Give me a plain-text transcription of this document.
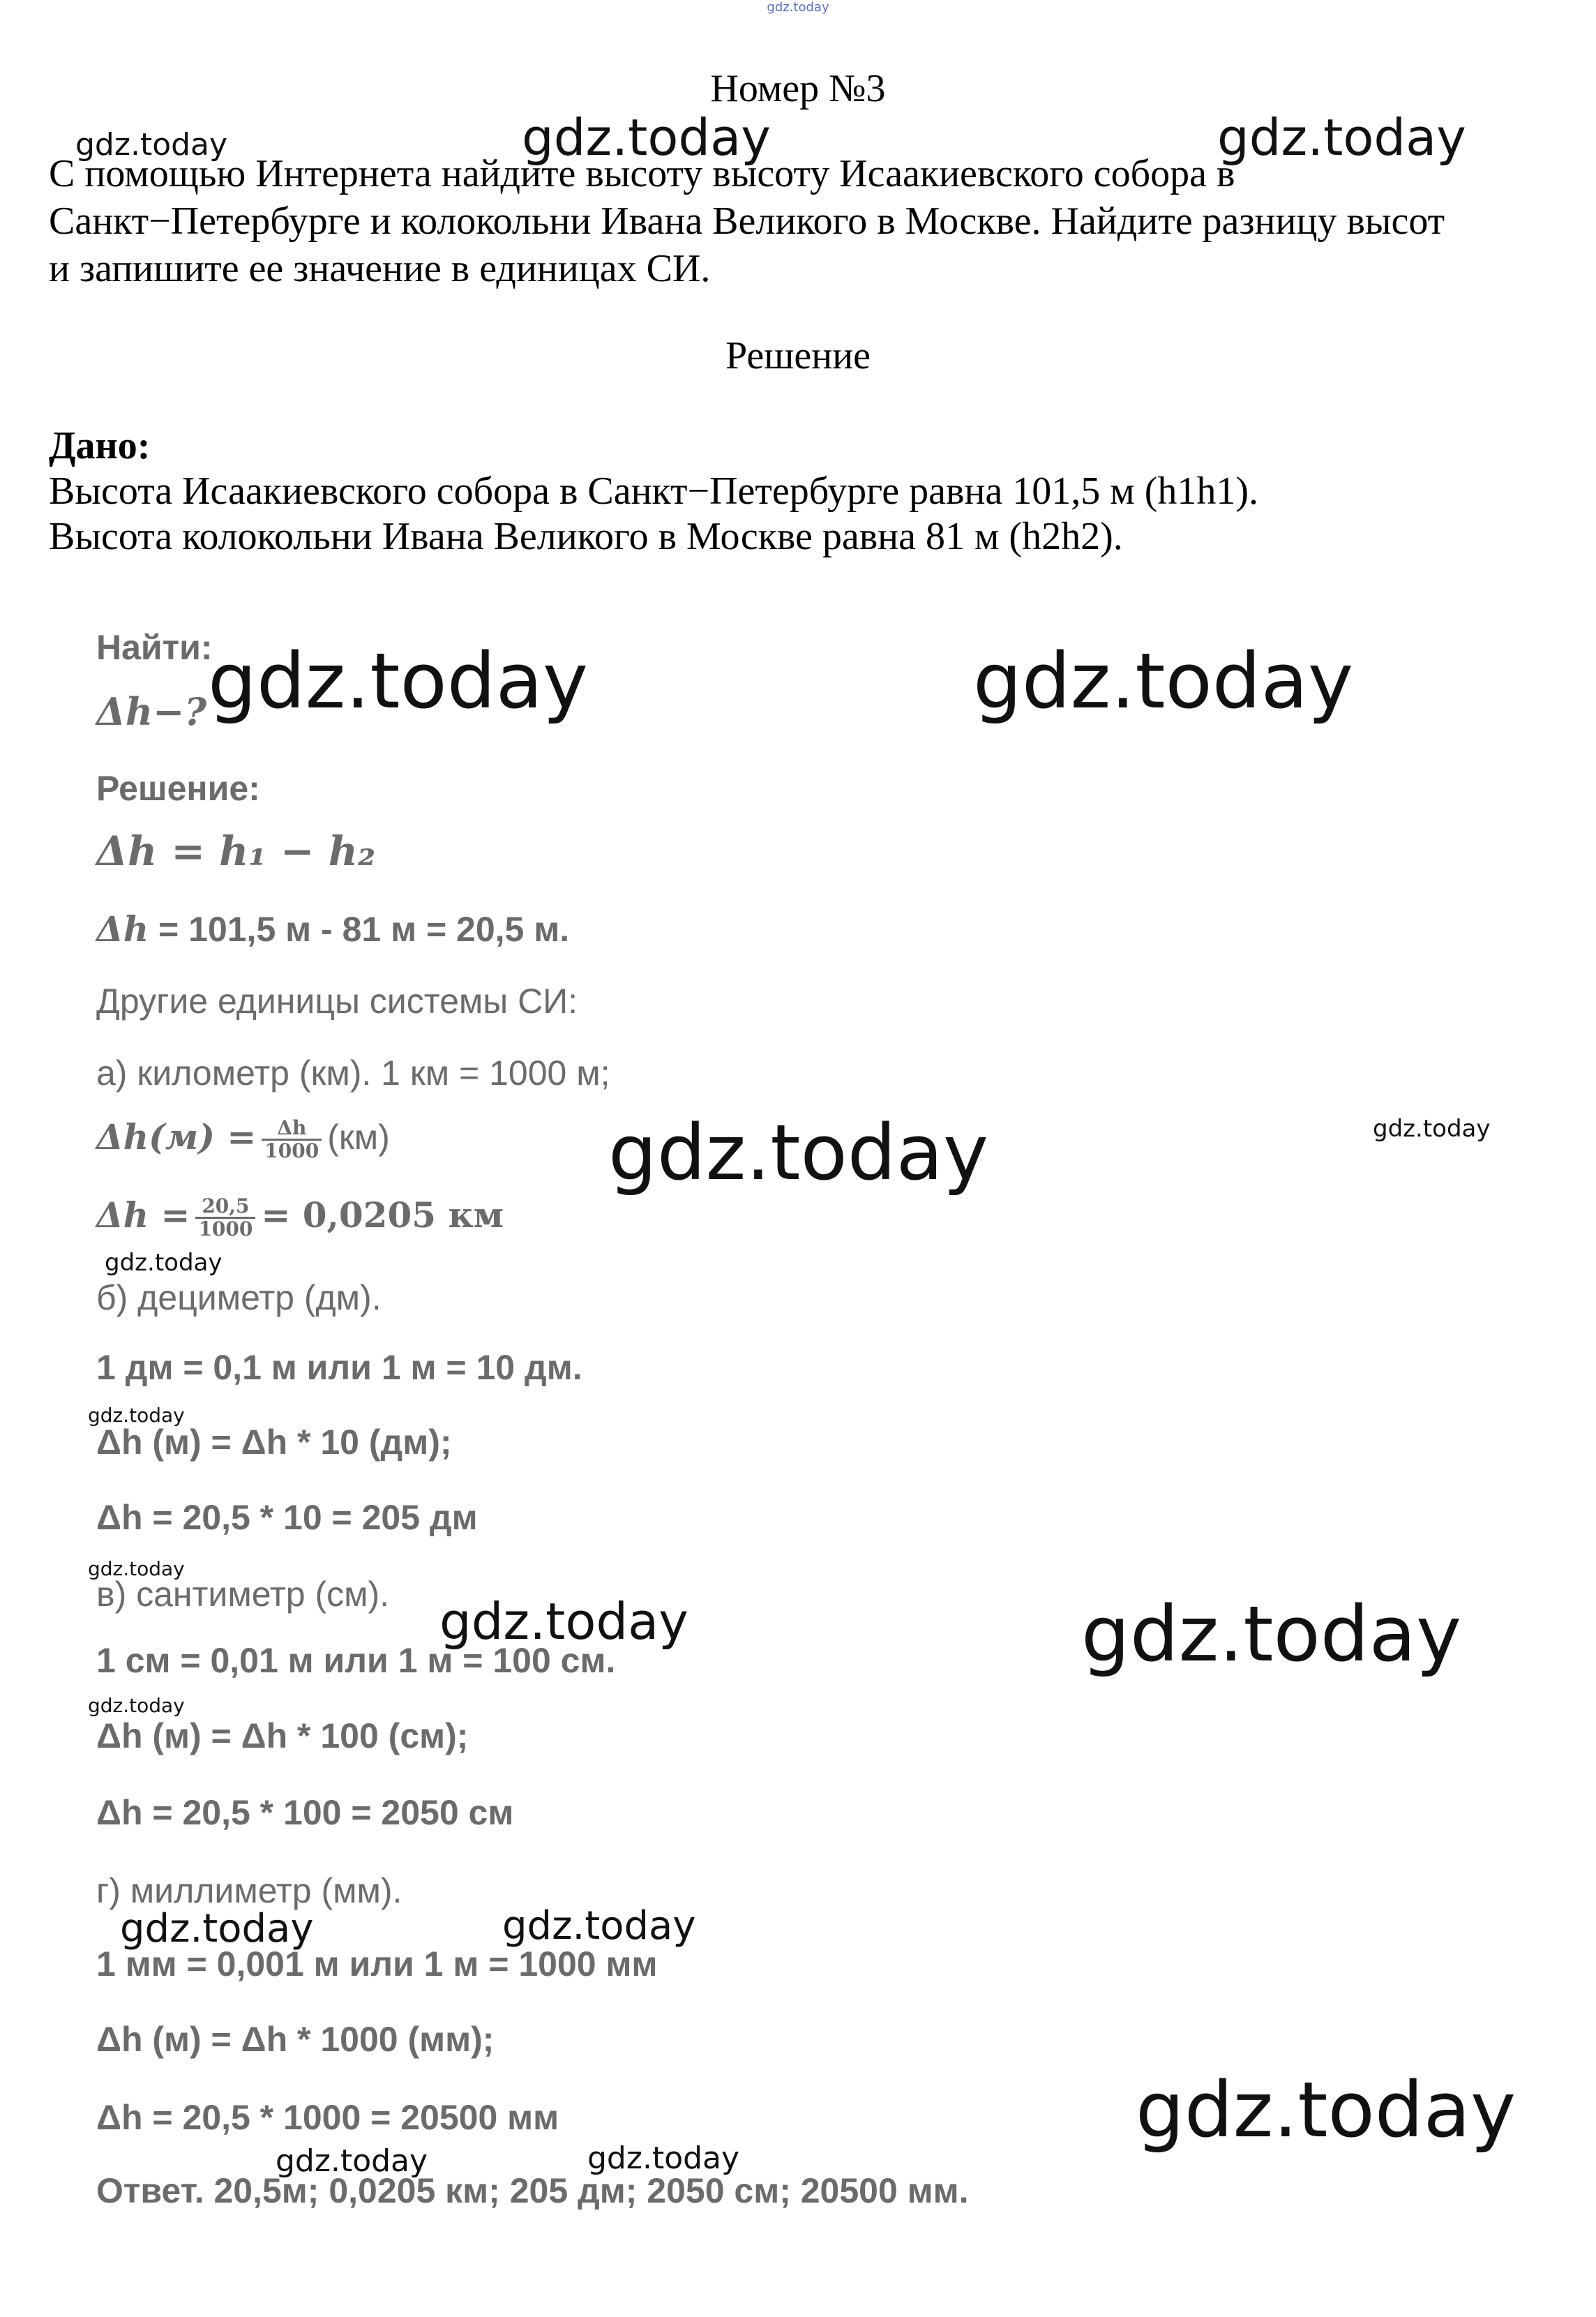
gdz.today
Номер №3
С помощью Интернета найдите высоту высоту Исаакиевского собора в
Санкт−Петербурге и колокольни Ивана Великого в Москве. Найдите разницу высот
и запишите ее значение в единицах СИ.
Решение
Дано:
Высота Исаакиевского собора в Санкт−Петербурге равна 101,5 м (h1h1).
Высота колокольни Ивана Великого в Москве равна 81 м (h2h2).
Найти:
Δh−?
Решение:
Δh = h₁ − h₂
Δh = 101,5 м - 81 м = 20,5 м.
Другие единицы системы СИ:
а) километр (км). 1 км = 1000 м;
$\Delta h(м) = \frac{\Delta h}{1000} (км)$
$\Delta h = \frac{20,5}{1000} = 0,0205$ км
б) дециметр (дм).
1 дм = 0,1 м или 1 м = 10 дм.
Δh (м) = Δh * 10 (дм);
Δh = 20,5 * 10 = 205 дм
в) сантиметр (см).
1 см = 0,01 м или 1 м = 100 см.
Δh (м) = Δh * 100 (см);
Δh = 20,5 * 100 = 2050 см
г) миллиметр (мм).
1 мм = 0,001 м или 1 м = 1000 мм
Δh (м) = Δh * 1000 (мм);
Δh = 20,5 * 1000 = 20500 мм
Ответ. 20,5м; 0,0205 км; 205 дм; 2050 см; 20500 мм.
gdz.today	gdz.today	gdz.today
gdz.today	gdz.today
gdz.today	gdz.today
gdz.today
gdz.today
gdz.today
gdz.today	gdz.today
gdz.today
gdz.today	gdz.today
gdz.today
gdz.today	gdz.today
